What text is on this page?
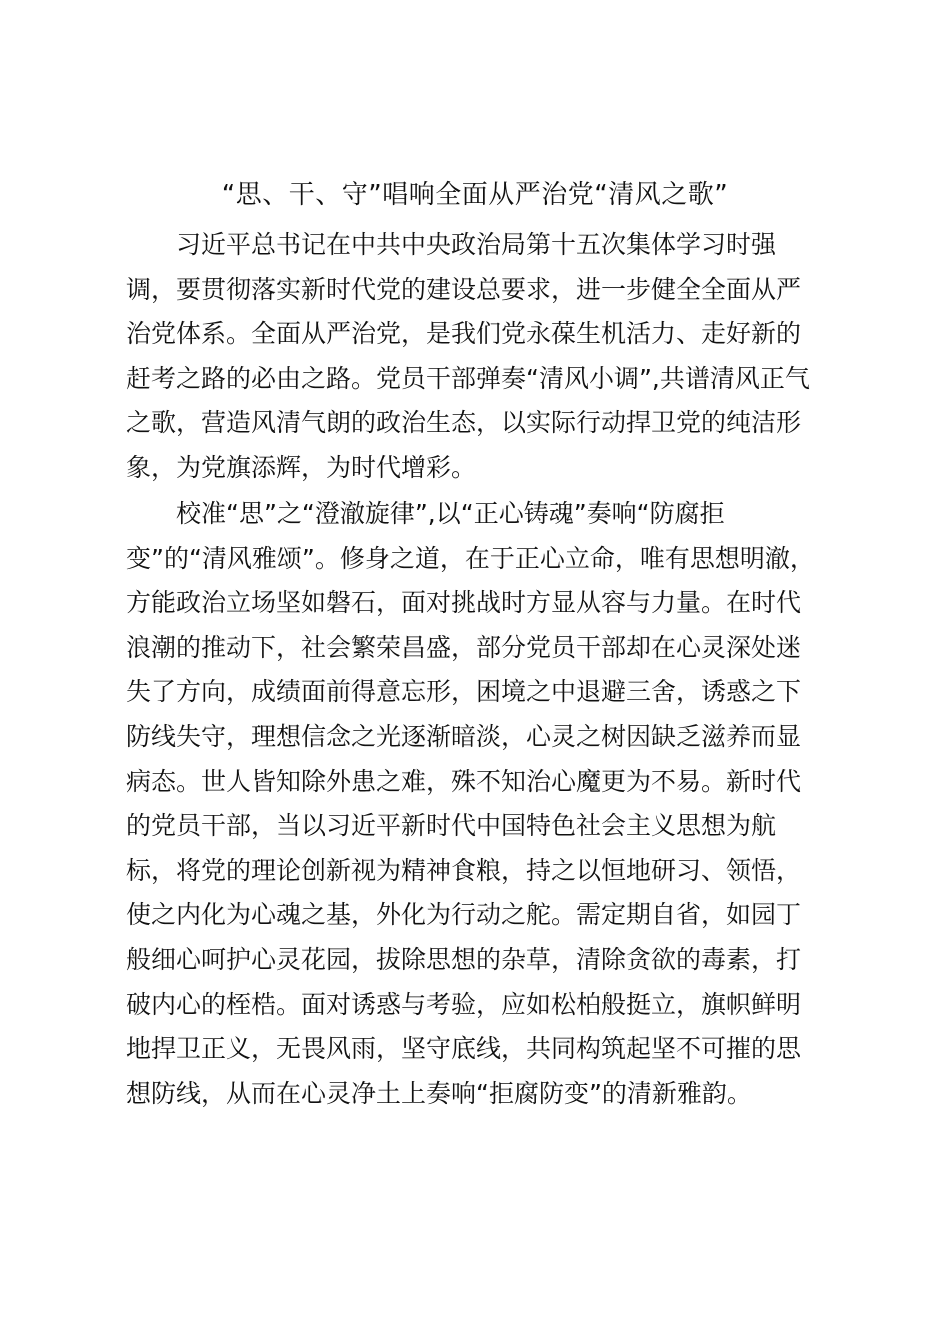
“思、干、守”唱响全面从严治党“清风之歌”
习近平总书记在中共中央政治局第十五次集体学习时强
调，要贯彻落实新时代党的建设总要求，进一步健全全面从严
治党体系。全面从严治党，是我们党永葆生机活力、走好新的
赶考之路的必由之路。党员干部弹奏“清风小调”,共谱清风正气
之歌，营造风清气朗的政治生态，以实际行动捍卫党的纯洁形
象，为党旗添辉，为时代增彩。
校准“思”之“澄澈旋律”,以“正心铸魂”奏响“防腐拒
变”的“清风雅颂”。修身之道，在于正心立命，唯有思想明澈，
方能政治立场坚如磐石，面对挑战时方显从容与力量。在时代
浪潮的推动下，社会繁荣昌盛，部分党员干部却在心灵深处迷
失了方向，成绩面前得意忘形，困境之中退避三舍，诱惑之下
防线失守，理想信念之光逐渐暗淡，心灵之树因缺乏滋养而显
病态。世人皆知除外患之难，殊不知治心魔更为不易。新时代
的党员干部，当以习近平新时代中国特色社会主义思想为航
标，将党的理论创新视为精神食粮，持之以恒地研习、领悟，
使之内化为心魂之基，外化为行动之舵。需定期自省，如园丁
般细心呵护心灵花园，拔除思想的杂草，清除贪欲的毒素，打
破内心的桎梏。面对诱惑与考验，应如松柏般挺立，旗帜鲜明
地捍卫正义，无畏风雨，坚守底线，共同构筑起坚不可摧的思
想防线，从而在心灵净土上奏响“拒腐防变”的清新雅韵。
